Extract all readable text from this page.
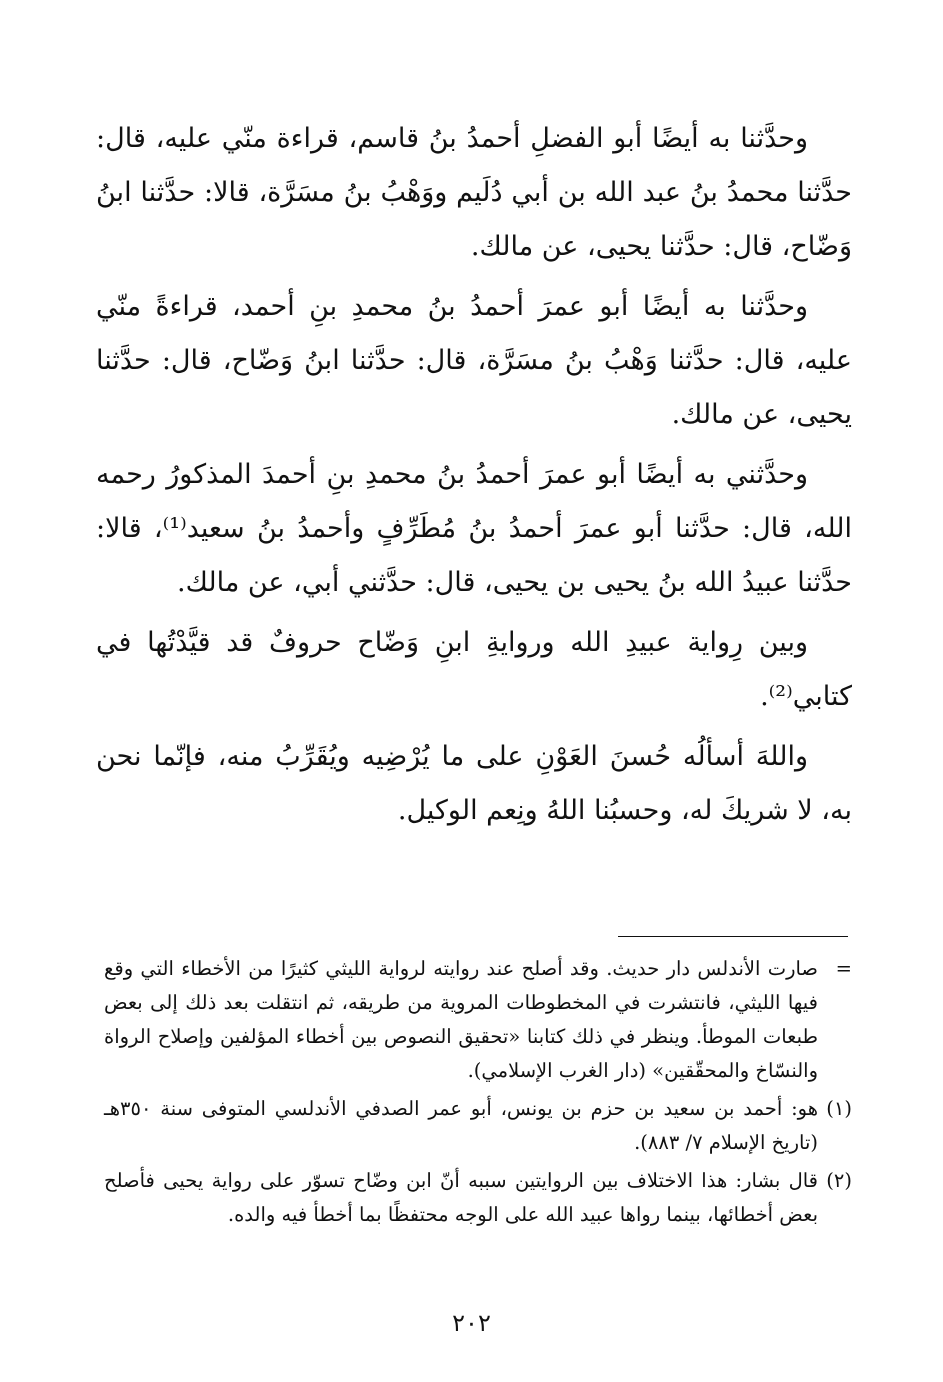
وحدَّثنا به أيضًا أبو الفضلِ أحمدُ بنُ قاسم، قراءة منّي عليه، قال: حدَّثنا محمدُ بنُ عبد الله بن أبي دُلَيم ووَهْبُ بنُ مسَرَّة، قالا: حدَّثنا ابنُ وَضّاح، قال: حدَّثنا يحيى، عن مالك.

وحدَّثنا به أيضًا أبو عمرَ أحمدُ بنُ محمدِ بنِ أحمد، قراءةً منّي عليه، قال: حدَّثنا وَهْبُ بنُ مسَرَّة، قال: حدَّثنا ابنُ وَضّاح، قال: حدَّثنا يحيى، عن مالك.

وحدَّثني به أيضًا أبو عمرَ أحمدُ بنُ محمدِ بنِ أحمدَ المذكورُ رحمه الله، قال: حدَّثنا أبو عمرَ أحمدُ بنُ مُطَرِّفٍ وأحمدُ بنُ سعيد⁽¹⁾، قالا: حدَّثنا عبيدُ الله بنُ يحيى بن يحيى، قال: حدَّثني أبي، عن مالك.

وبين رِواية عبيدِ الله وروايةِ ابنِ وَضّاح حروفٌ قد قيَّدْتُها في كتابي⁽²⁾.

واللهَ أسألُه حُسنَ العَوْنِ على ما يُرْضِيه ويُقَرِّبُ منه، فإنّما نحن به، لا شريكَ له، وحسبُنا اللهُ ونِعم الوكيل.

=
صارت الأندلس دار حديث. وقد أصلح عند روايته لرواية الليثي كثيرًا من الأخطاء التي وقع فيها الليثي، فانتشرت في المخطوطات المروية من طريقه، ثم انتقلت بعد ذلك إلى بعض طبعات الموطأ. وينظر في ذلك كتابنا «تحقيق النصوص بين أخطاء المؤلفين وإصلاح الرواة والنسّاخ والمحقّقين» (دار الغرب الإسلامي).
(١)
هو: أحمد بن سعيد بن حزم بن يونس، أبو عمر الصدفي الأندلسي المتوفى سنة ٣٥٠هـ (تاريخ الإسلام ٧/ ٨٨٣).
(٢)
قال بشار: هذا الاختلاف بين الروايتين سببه أنّ ابن وضّاح تسوّر على رواية يحيى فأصلح بعض أخطائها، بينما رواها عبيد الله على الوجه محتفظًا بما أخطأ فيه والده.
٢٠٢
